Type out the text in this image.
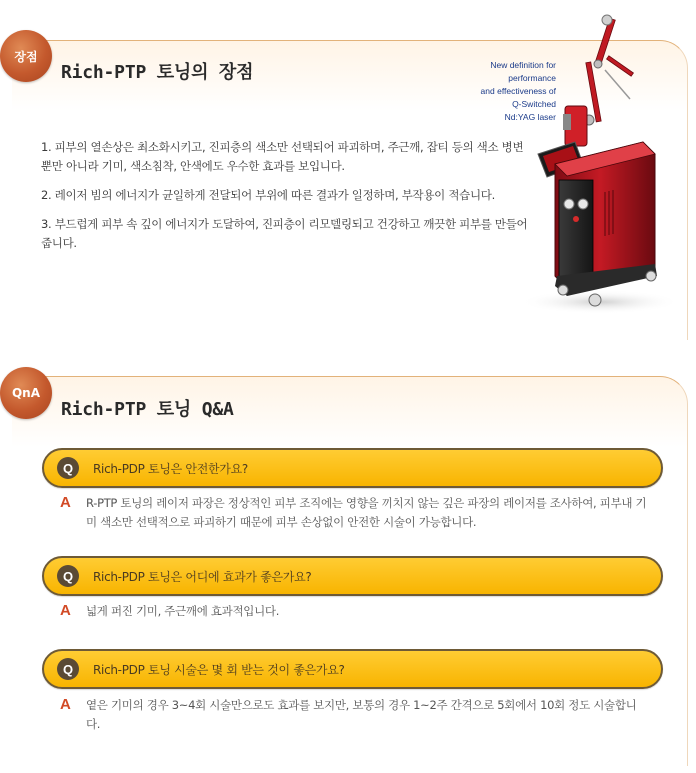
장점
Rich-PTP 토닝의 장점

1. 피부의 열손상은 최소화시키고, 진피층의 색소만 선택되어 파괴하며, 주근깨, 잡티 등의 색소 병변 뿐만 아니라 기미, 색소침착, 안색에도 우수한 효과를 보입니다.

2. 레이저 빔의 에너지가 균일하게 전달되어 부위에 따른 결과가 일정하며, 부작용이 적습니다.

3. 부드럽게 피부 속 깊이 에너지가 도달하여, 진피층이 리모델링되고 건강하고 깨끗한 피부를 만들어줍니다.

New definition for
performance
and effectiveness of
Q-Switched
Nd:YAG laser
QnA
Rich-PTP 토닝 Q&A
Q	Rich-PDP 토닝은 안전한가요?
A	R-PTP 토닝의 레이저 파장은 정상적인 피부 조직에는 영향을 끼치지 않는 깊은 파장의 레이저를 조사하여, 피부내 기미 색소만 선택적으로 파괴하기 때문에 피부 손상없이 안전한 시술이 가능합니다.
Q	Rich-PDP 토닝은 어디에 효과가 좋은가요?
A	넓게 퍼진 기미, 주근깨에 효과적입니다.
Q	Rich-PDP 토닝 시술은 몇 회 받는 것이 좋은가요?
A	옅은 기미의 경우 3~4회 시술만으로도 효과를 보지만, 보통의 경우 1~2주 간격으로 5회에서 10회 정도 시술합니다.
